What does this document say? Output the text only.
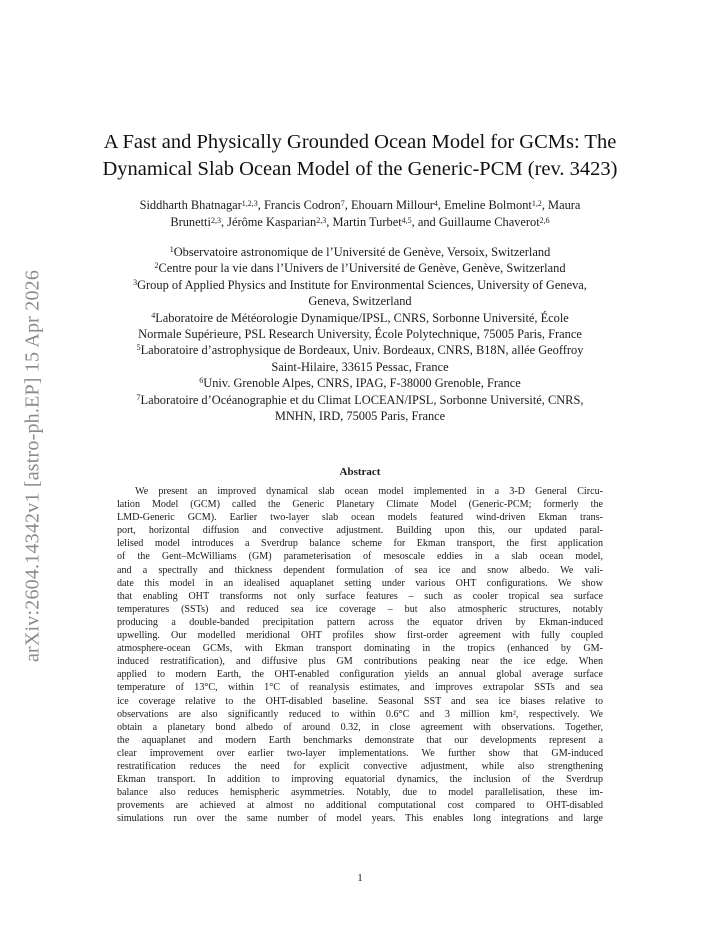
arXiv:2604.14342v1 [astro-ph.EP] 15 Apr 2026
A Fast and Physically Grounded Ocean Model for GCMs: The
Dynamical Slab Ocean Model of the Generic-PCM (rev. 3423)
Siddharth Bhatnagar$^{1,2,3}$, Francis Codron$^7$, Ehouarn Millour$^4$, Emeline Bolmont$^{1,2}$, Maura
Brunetti$^{2,3}$, Jérôme Kasparian$^{2,3}$, Martin Turbet$^{4,5}$, and Guillaume Chaverot$^{2,6}$
$^1$Observatoire astronomique de l’Université de Genève, Versoix, Switzerland
$^2$Centre pour la vie dans l’Univers de l’Université de Genève, Genève, Switzerland
$^3$Group of Applied Physics and Institute for Environmental Sciences, University of Geneva,
Geneva, Switzerland
$^4$Laboratoire de Météorologie Dynamique/IPSL, CNRS, Sorbonne Université, École
Normale Supérieure, PSL Research University, École Polytechnique, 75005 Paris, France
$^5$Laboratoire d’astrophysique de Bordeaux, Univ. Bordeaux, CNRS, B18N, allée Geoffroy
Saint-Hilaire, 33615 Pessac, France
$^6$Univ. Grenoble Alpes, CNRS, IPAG, F-38000 Grenoble, France
$^7$Laboratoire d’Océanographie et du Climat LOCEAN/IPSL, Sorbonne Université, CNRS,
MNHN, IRD, 75005 Paris, France
Abstract
We present an improved dynamical slab ocean model implemented in a 3-D General Circu-
lation Model (GCM) called the Generic Planetary Climate Model (Generic-PCM; formerly the
LMD-Generic GCM). Earlier two-layer slab ocean models featured wind-driven Ekman trans-
port, horizontal diffusion and convective adjustment. Building upon this, our updated paral-
lelised model introduces a Sverdrup balance scheme for Ekman transport, the first application
of the Gent–McWilliams (GM) parameterisation of mesoscale eddies in a slab ocean model,
and a spectrally and thickness dependent formulation of sea ice and snow albedo. We vali-
date this model in an idealised aquaplanet setting under various OHT configurations. We show
that enabling OHT transforms not only surface features – such as cooler tropical sea surface
temperatures (SSTs) and reduced sea ice coverage – but also atmospheric structures, notably
producing a double-banded precipitation pattern across the equator driven by Ekman-induced
upwelling. Our modelled meridional OHT profiles show first-order agreement with fully coupled
atmosphere-ocean GCMs, with Ekman transport dominating in the tropics (enhanced by GM-
induced restratification), and diffusive plus GM contributions peaking near the ice edge. When
applied to modern Earth, the OHT-enabled configuration yields an annual global average surface
temperature of 13°C, within 1°C of reanalysis estimates, and improves extrapolar SSTs and sea
ice coverage relative to the OHT-disabled baseline. Seasonal SST and sea ice biases relative to
observations are also significantly reduced to within 0.6°C and 3 million km², respectively. We
obtain a planetary bond albedo of around 0.32, in close agreement with observations. Together,
the aquaplanet and modern Earth benchmarks demonstrate that our developments represent a
clear improvement over earlier two-layer implementations. We further show that GM-induced
restratification reduces the need for explicit convective adjustment, while also strengthening
Ekman transport. In addition to improving equatorial dynamics, the inclusion of the Sverdrup
balance also reduces hemispheric asymmetries. Notably, due to model parallelisation, these im-
provements are achieved at almost no additional computational cost compared to OHT-disabled
simulations run over the same number of model years. This enables long integrations and large
1
